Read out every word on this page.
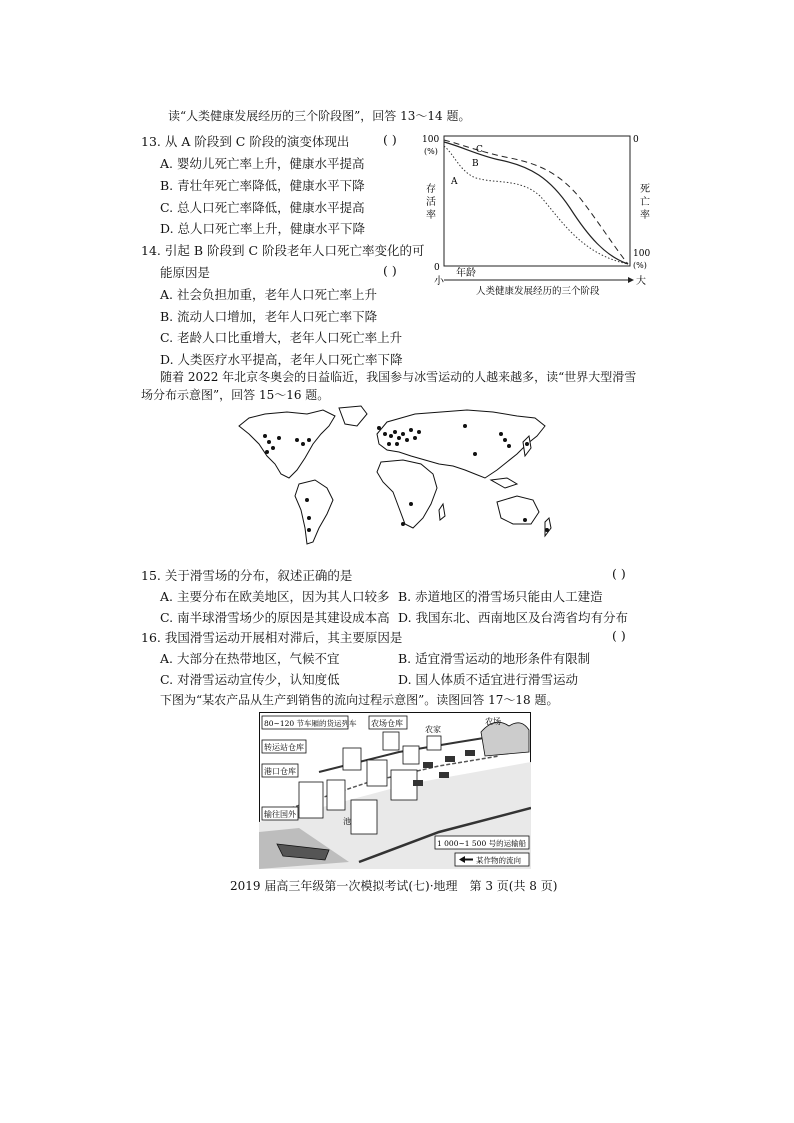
读“人类健康发展经历的三个阶段图”，回答 13～14 题。
13. 从 A 阶段到 C 阶段的演变体现出	( )
A. 婴幼儿死亡率上升，健康水平提高
B. 青壮年死亡率降低，健康水平下降
C. 总人口死亡率降低，健康水平提高
D. 总人口死亡率上升，健康水平下降
14. 引起 B 阶段到 C 阶段老年人口死亡率变化的可
能原因是	( )
A. 社会负担加重，老年人口死亡率上升
B. 流动人口增加，老年人口死亡率下降
C. 老龄人口比重增大，老年人口死亡率上升
D. 人类医疗水平提高，老年人口死亡率下降
100
(%)
0
存
活
率
0
100
(%)
死
亡
率
C
B
A
小	大
年龄
人类健康发展经历的三个阶段
随着 2022 年北京冬奥会的日益临近，我国参与冰雪运动的人越来越多，读“世界大型滑雪
场分布示意图”，回答 15～16 题。
15. 关于滑雪场的分布，叙述正确的是	( )
A. 主要分布在欧美地区，因为其人口较多 B. 赤道地区的滑雪场只能由人工建造
C. 南半球滑雪场少的原因是其建设成本高 D. 我国东北、西南地区及台湾省均有分布
16. 我国滑雪运动开展相对滞后，其主要原因是	( )
A. 大部分在热带地区，气候不宜	B. 适宜滑雪运动的地形条件有限制
C. 对滑雪运动宣传少，认知度低	D. 国人体质不适宜进行滑雪运动
下图为“某农产品从生产到销售的流向过程示意图”。读图回答 17～18 题。
80~120 节车厢的货运列车 农场仓库
农家
农场
转运站仓库
港口仓库
输往国外
池
1 000~1 500 号的运输船
某作物的流向
2019 届高三年级第一次模拟考试(七)·地理　第 3 页(共 8 页)
